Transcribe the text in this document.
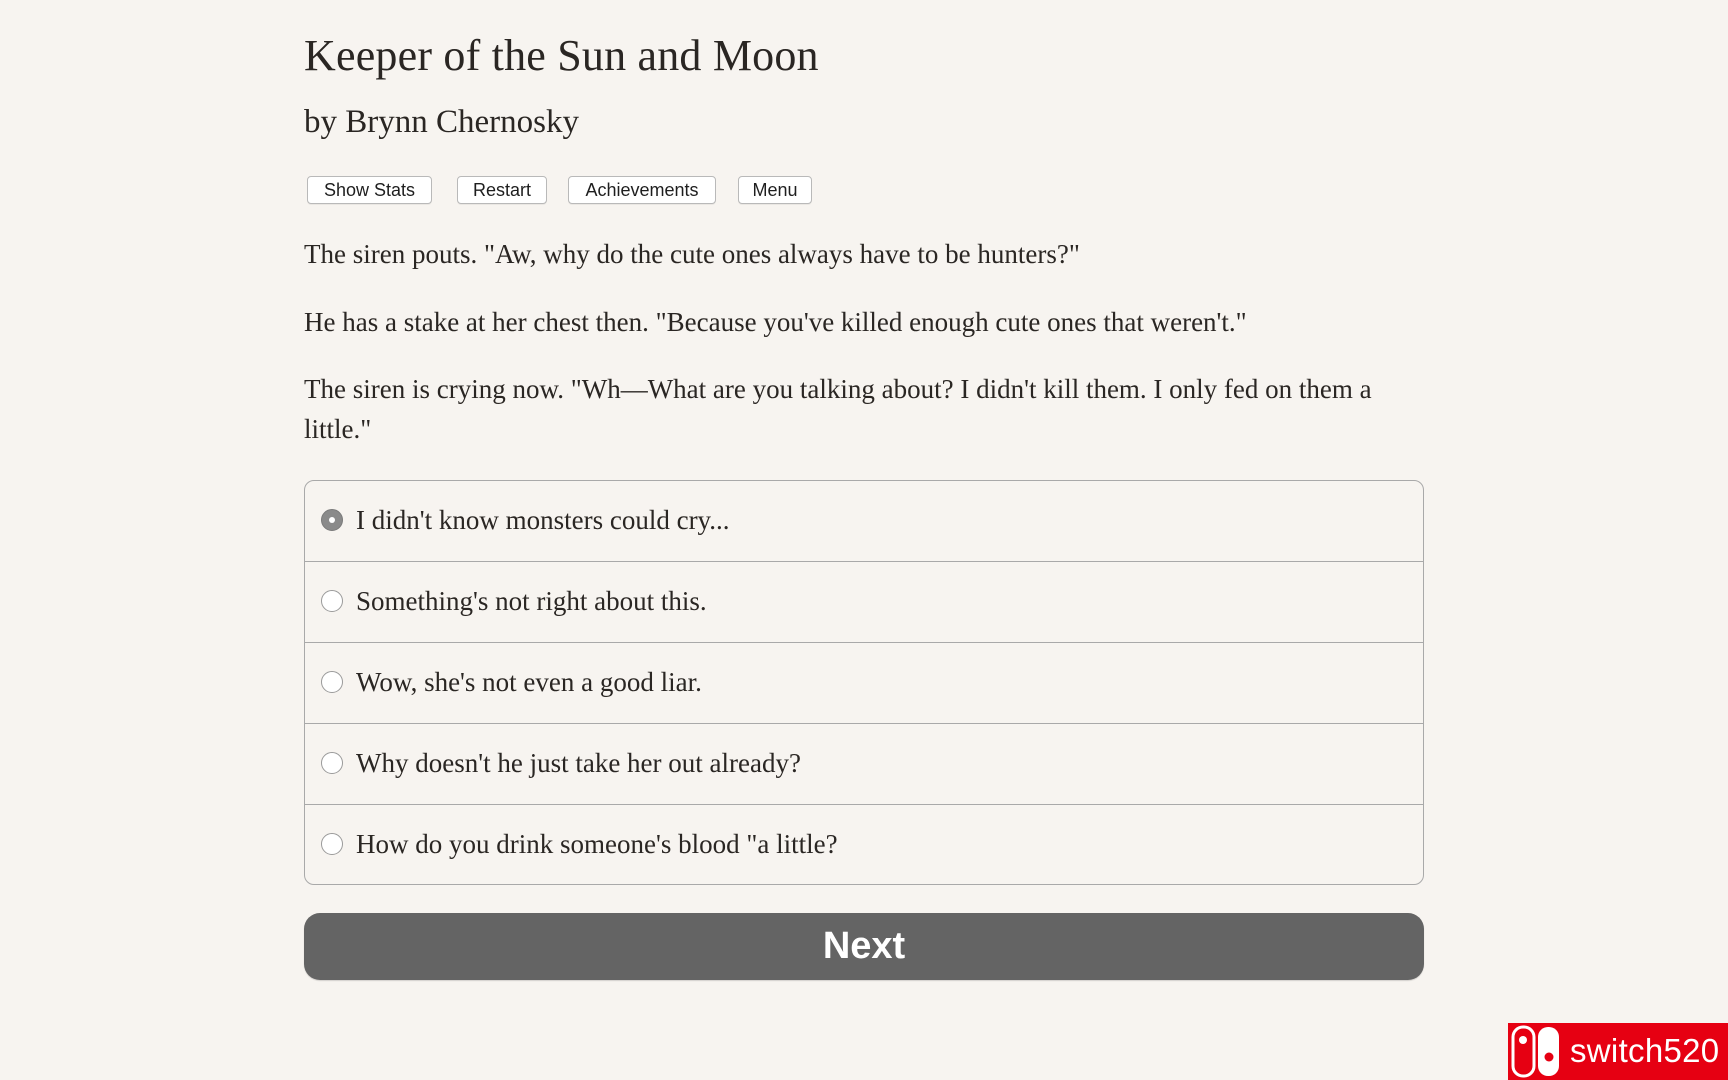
Keeper of the Sun and Moon
by Brynn Chernosky
Show Stats	Restart	Achievements	Menu

The siren pouts. "Aw, why do the cute ones always have to be hunters?"

He has a stake at her chest then. "Because you've killed enough cute ones that weren't."

The siren is crying now. "Wh—What are you talking about? I didn't kill them. I only fed on them a little."

I didn't know monsters could cry...
Something's not right about this.
Wow, she's not even a good liar.
Why doesn't he just take her out already?
How do you drink someone's blood "a little?
Next
switch520
